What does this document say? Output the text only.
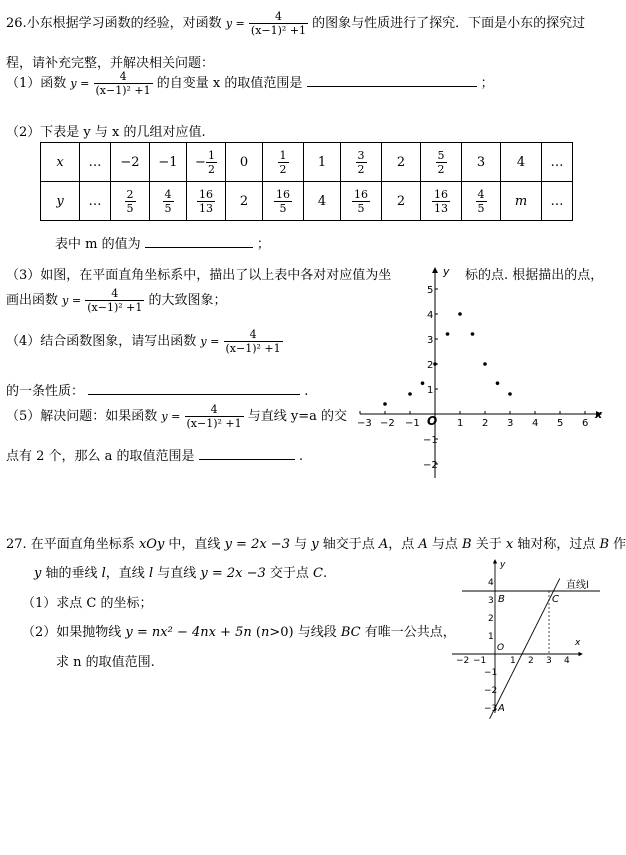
26.小东根据学习函数的经验，对函数 $y = \frac{4}{\text{(x−1)² +1}}$ 的图象与性质进行了探究．下面是小东的探究过
程，请补充完整，并解决相关问题：
（1）函数 $y = \frac{4}{\text{(x−1)² +1}}$ 的自变量 x 的取值范围是	；
（2）下表是 y 与 x 的几组对应值.
x	…	−2	−1	− $\frac{1}{2}$	0	$\frac{1}{2}$	1	$\frac{3}{2}$	2	$\frac{5}{2}$	3	4	…
y	…	$\frac{2}{5}$	$\frac{4}{5}$	$\frac{16}{13}$	2	$\frac{16}{5}$	4	$\frac{16}{5}$	2	$\frac{16}{13}$	$\frac{4}{5}$	m	…
表中 m 的值为	；
（3）如图，在平面直角坐标系中，描出了以上表中各对对应值为坐	标的点. 根据描出的点，
画出函数 $y = \frac{4}{\text{(x−1)² +1}}$ 的大致图象；
（4）结合函数图象，请写出函数 $y = \frac{4}{\text{(x−1)² +1}}$
的一条性质：	.
（5）解决问题：如果函数 $y = \frac{4}{\text{(x−1)² +1}}$ 与直线 y=a 的交
点有 2 个，那么 a 的取值范围是	.
−3 −2 −1	1 2 3 4 5 6
5
4
3
2
1
−1
−2
O	x
y
27. 在平面直角坐标系 xOy 中，直线 y = 2x −3 与 y 轴交于点 A，点 A 与点 B 关于 x 轴对称，过点 B 作
y 轴的垂线 l，直线 l 与直线 y = 2x −3 交于点 C.
（1）求点 C 的坐标；
（2）如果抛物线 y = nx² − 4nx + 5n (n>0) 与线段 BC 有唯一公共点，
求 n 的取值范围.	−2 −1	1 2 3 4
4
3
2
1
−1
−2
−3
O	x
y
直线l
B	C
A
